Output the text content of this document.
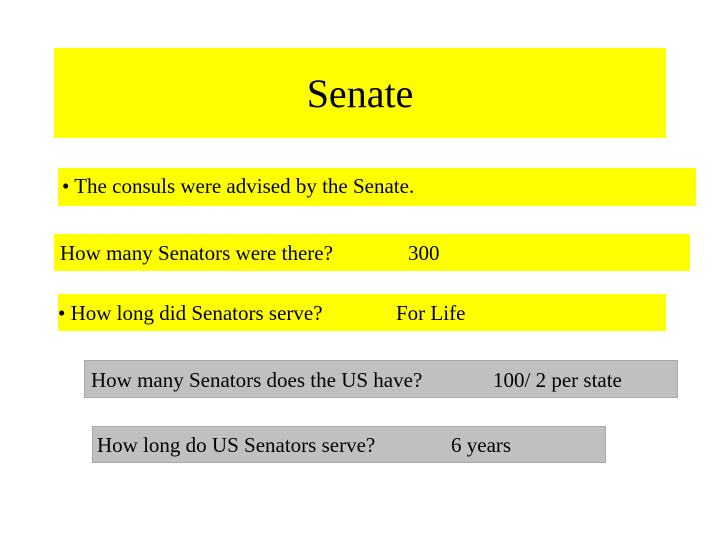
Senate
• The consuls were advised by the Senate.
How many Senators were there?	300
• How long did Senators serve?	For Life
How many Senators does the US have?	100/ 2 per state
How long do US Senators serve?	6 years
